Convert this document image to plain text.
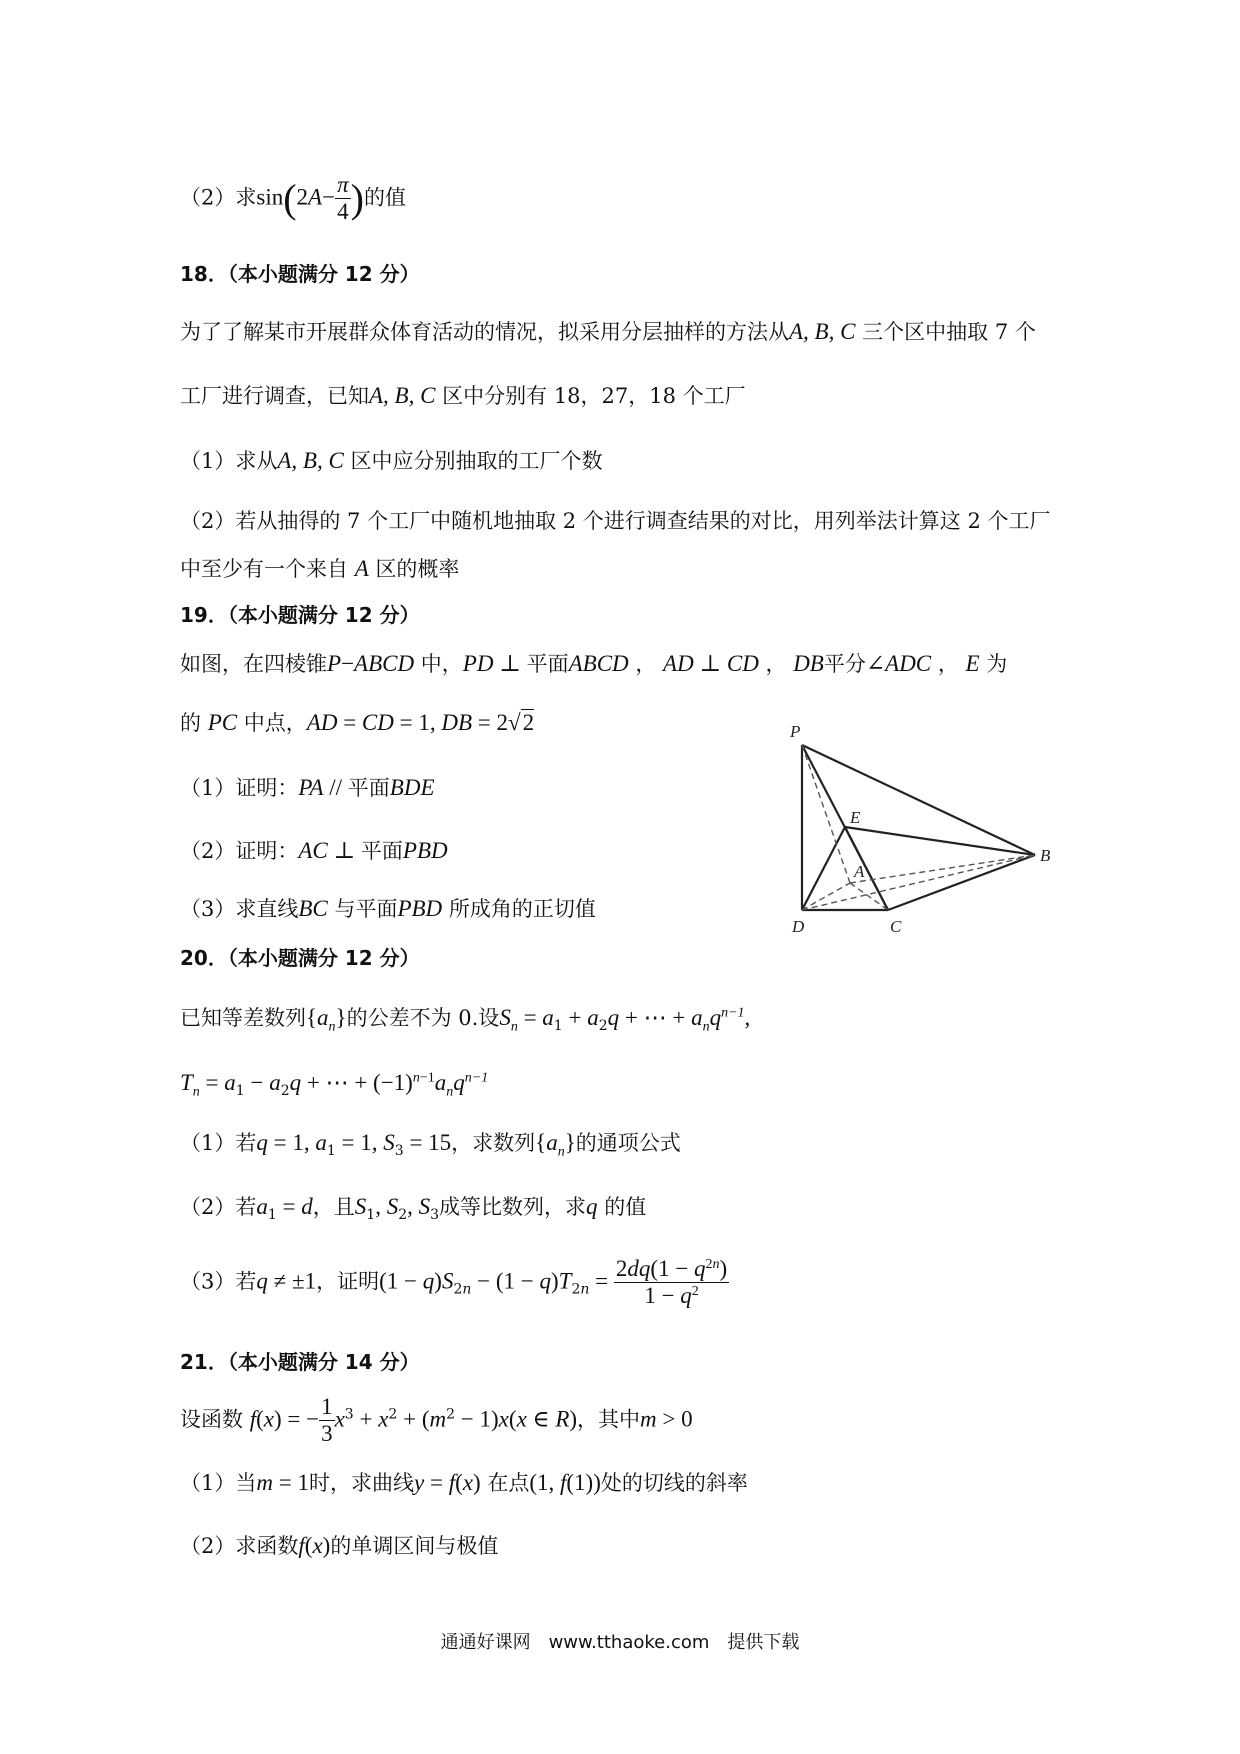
（2）求$\sin(2A- \frac{\pi}{4}$ )的值
18．（本小题满分 12 分）
为了了解某市开展群众体育活动的情况，拟采用分层抽样的方法从A, B, C 三个区中抽取 7 个
工厂进行调查，已知A, B, C 区中分别有 18，27，18 个工厂
（1）求从A, B, C 区中应分别抽取的工厂个数
（2）若从抽得的 7 个工厂中随机地抽取 2 个进行调查结果的对比，用列举法计算这 2 个工厂
中至少有一个来自 A 区的概率
19．（本小题满分 12 分）
如图，在四棱锥P−ABCD 中，PD ⊥ 平面ABCD ， AD ⊥ CD ， DB平分∠ADC ， E 为
的 PC 中点，AD = CD = 1, DB = 2√2
（1）证明：PA // 平面BDE
（2）证明：AC ⊥ 平面PBD
（3）求直线BC 与平面PBD 所成角的正切值
P
E
B
A
D	C
20．（本小题满分 12 分）
已知等差数列$\{a_n\}$的公差不为 0.设$S_n = a_1 + a_2q$ + ⋯ + $a_nq^{n-1}$,
$T_n = a_1 - a_2q$ + ⋯ + $(-1)^{n-1}a_nq^{n-1}$
（1）若q = 1, $a_1 = 1$, $S_3 = 15$，求数列$\{a_n\}$的通项公式
（2）若$a_1 = d$，且$S_1$, $S_2$, $S_3$成等比数列，求q 的值
（3）若q ≠ ±1，证明$(1 - q)S_{2n} - (1 - q)T_{2n} = \frac{2dq(1 - q^{2n})}{1 - q^2}$
21．（本小题满分 14 分）
设函数 f(x) = − $\frac{1}{3} x^3 + x^2 + (m^2 - 1)x(x$ ∈ R)，其中m > 0
（1）当m = 1时，求曲线y = f(x) 在点(1, f(1))处的切线的斜率
（2）求函数f(x)的单调区间与极值
通通好课网　www.tthaoke.com　提供下载
